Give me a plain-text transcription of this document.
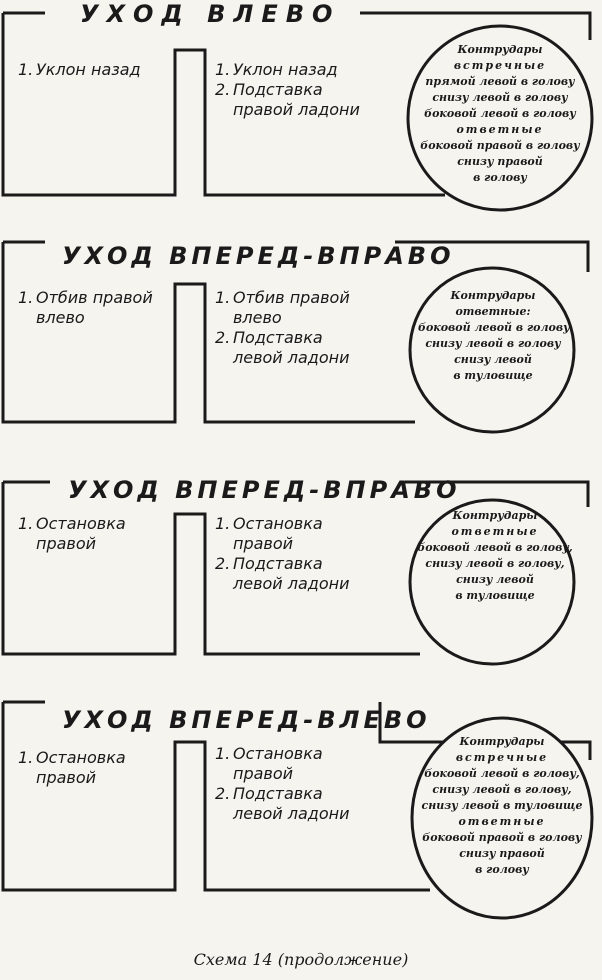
УХОД ВЛЕВО
1. Уклон назад	1. Уклон назад
2. Подставка правой ладони
Контрудары
встречные
прямой левой в голову
снизу левой в голову
боковой левой в голову
ответные
боковой правой в голову
снизу правой
в голову
УХОД ВПЕРЕД-ВПРАВО
1. Отбив правой влево
1. Отбив правой влево
2. Подставка левой ладони
Контрудары
ответные:
боковой левой в голову
снизу левой в голову
снизу левой
в туловище
УХОД ВПЕРЕД-ВПРАВО
1. Остановка правой
1. Остановка правой
2. Подставка левой ладони
Контрудары
ответные
боковой левой в голову,
снизу левой в голову,
снизу левой
в туловище
УХОД ВПЕРЕД-ВЛЕВО
1. Остановка правой
1. Остановка правой
2. Подставка левой ладони
Контрудары
встречные
боковой левой в голову,
снизу левой в голову,
снизу левой в туловище
ответные
боковой правой в голову
снизу правой
в голову
Схема 14 (продолжение)
